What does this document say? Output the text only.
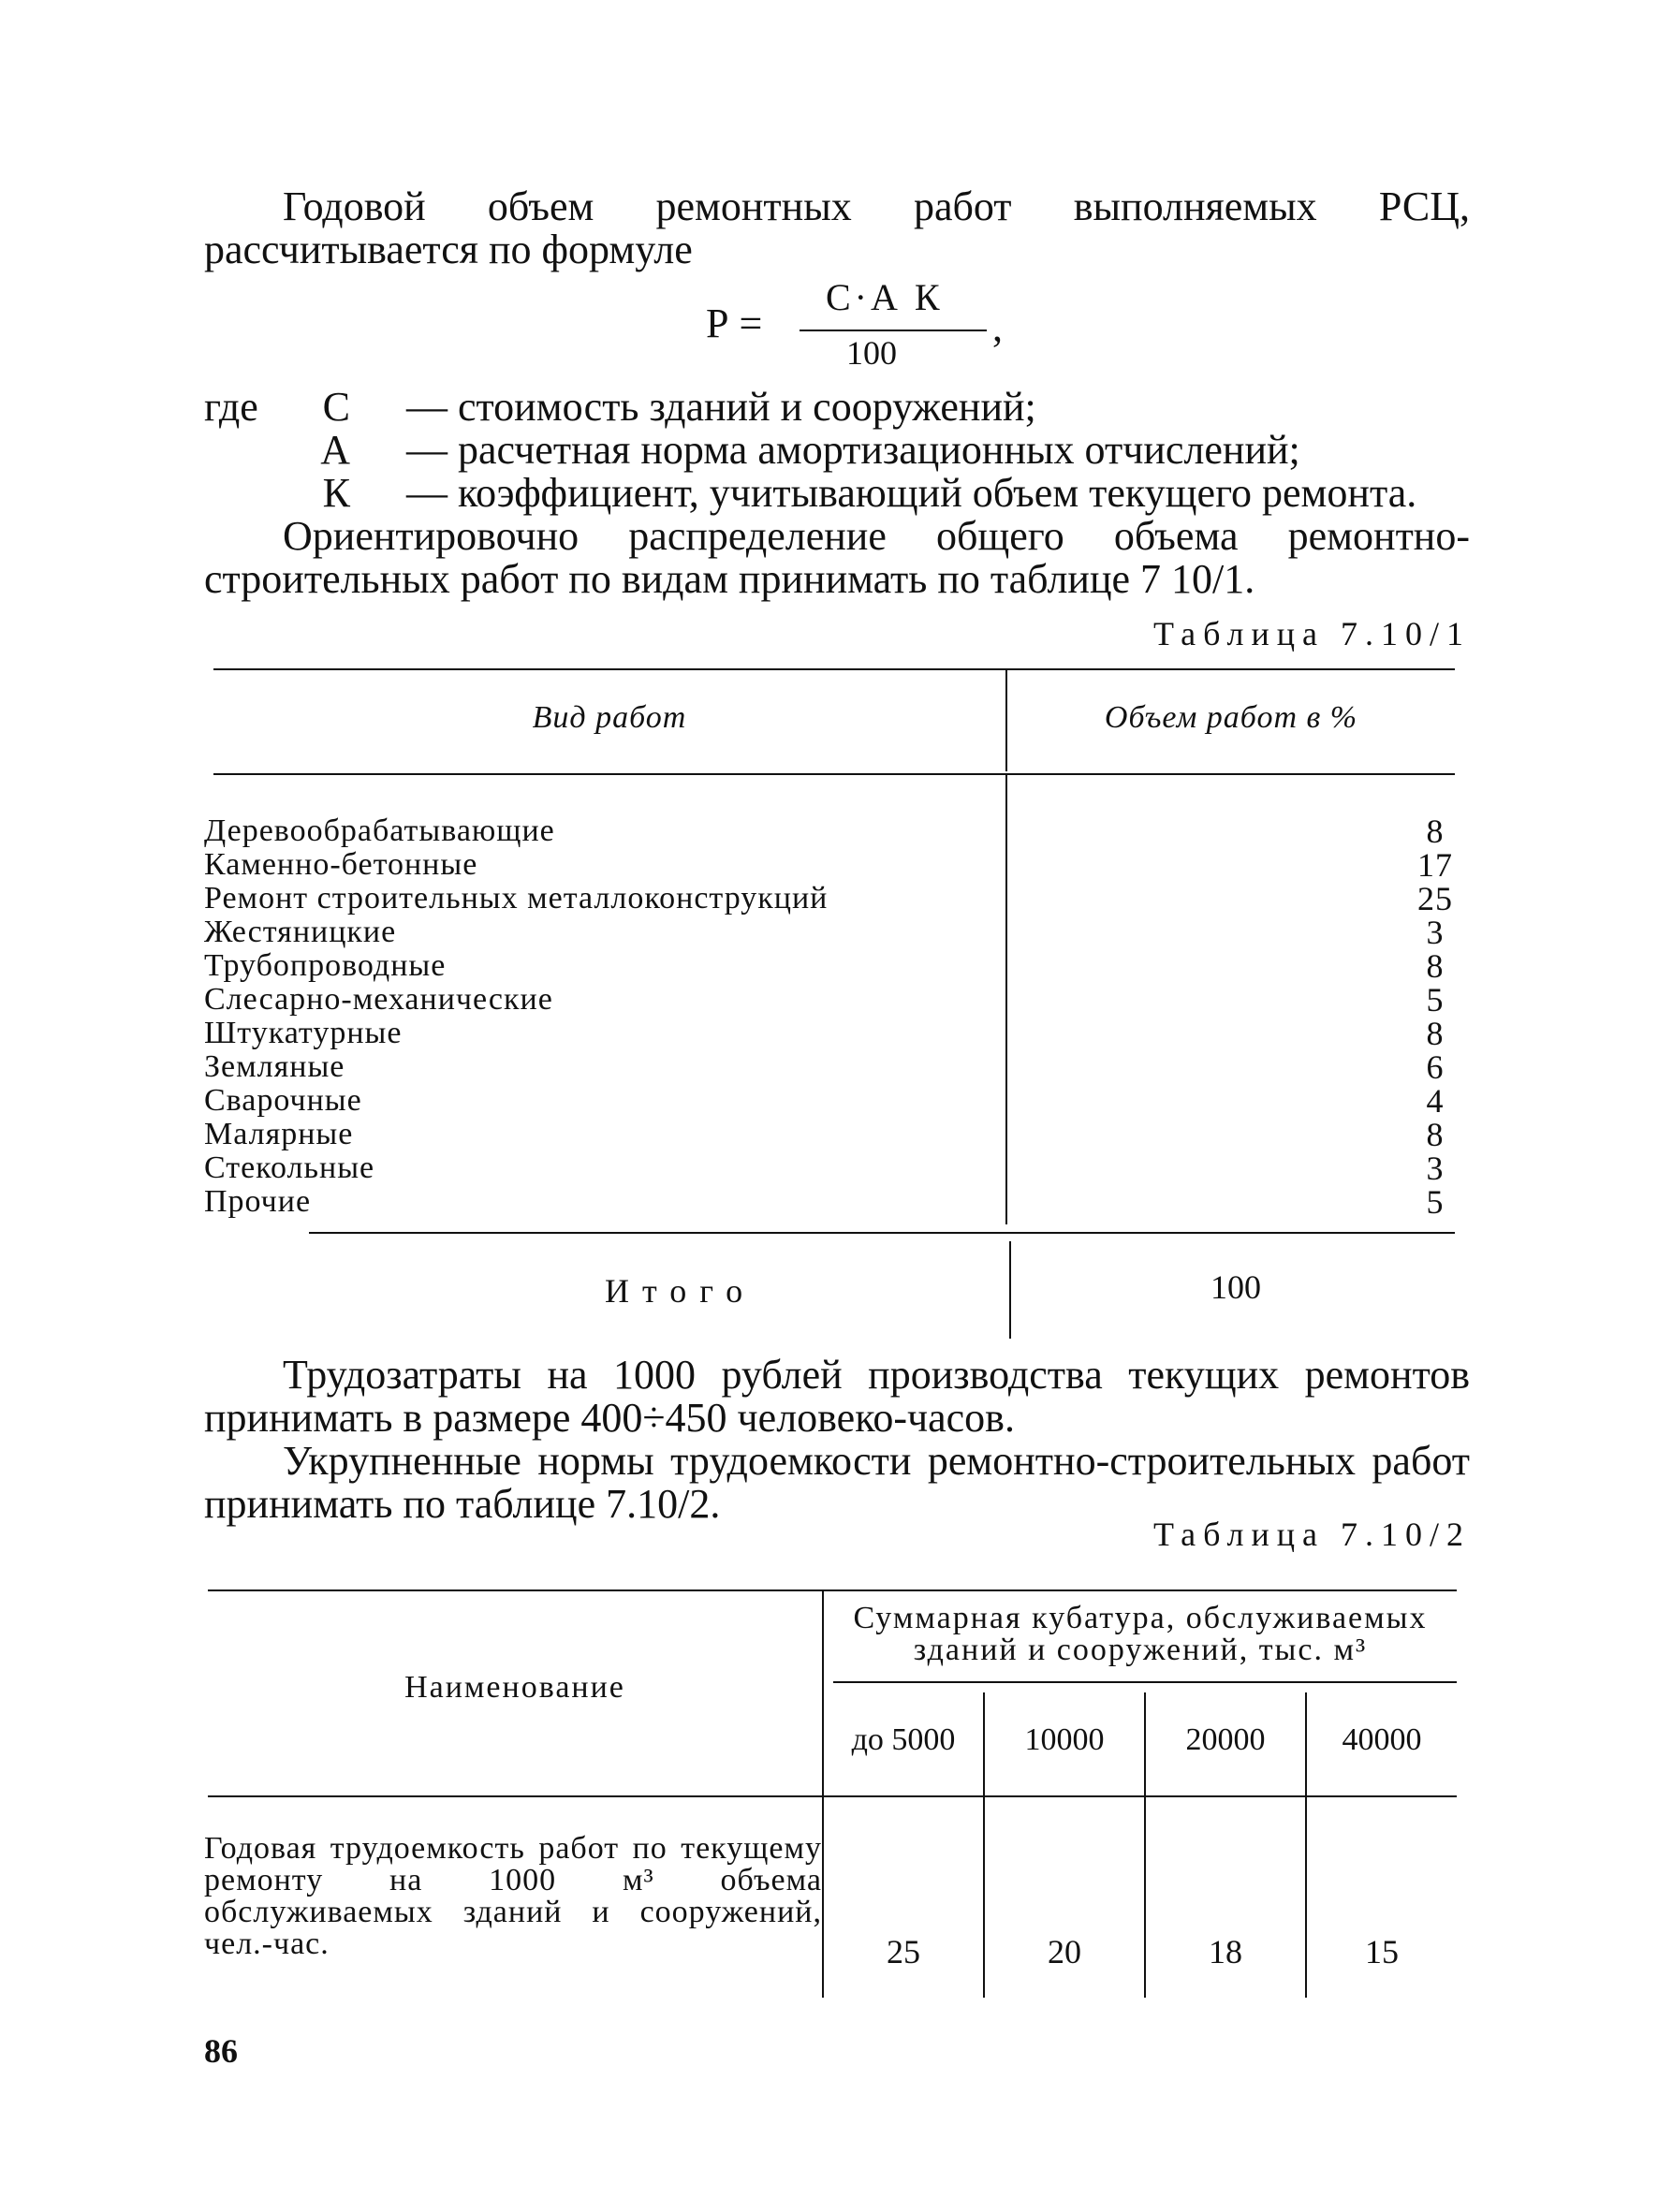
Годовой объем ремонтных работ выполняемых РСЦ, рассчитывается по формуле
Р =
С·А К
100
,
где	С — стоимость зданий и сооружений;
А — расчетная норма амортизационных отчислений;
К — коэффициент, учитывающий объем текущего ремонта.
Ориентировочно распределение общего объема ремонтно-строительных работ по видам принимать по таблице 7 10/1.
Таблица 7.10/1
Вид работ	Объем работ в %
Деревообрабатывающие	8
Каменно-бетонные	17
Ремонт строительных металлоконструкций	25
Жестяницкие	3
Трубопроводные	8
Слесарно-механические	5
Штукатурные	8
Земляные	6
Сварочные	4
Малярные	8
Стекольные	3
Прочие	5
Итого	100
Трудозатраты на 1000 рублей производства текущих ремонтов принимать в размере 400÷450 человеко-часов.
Укрупненные нормы трудоемкости ремонтно-строительных работ принимать по таблице 7.10/2.
Таблица 7.10/2
Наименование
Суммарная кубатура, обслуживаемых
зданий и сооружений, тыс. м³
до 5000	10000	20000	40000
Годовая трудоемкость работ по текущему ремонту на 1000 м³ объема обслуживаемых зданий и сооружений, чел.-час.	25	20	18	15
86
